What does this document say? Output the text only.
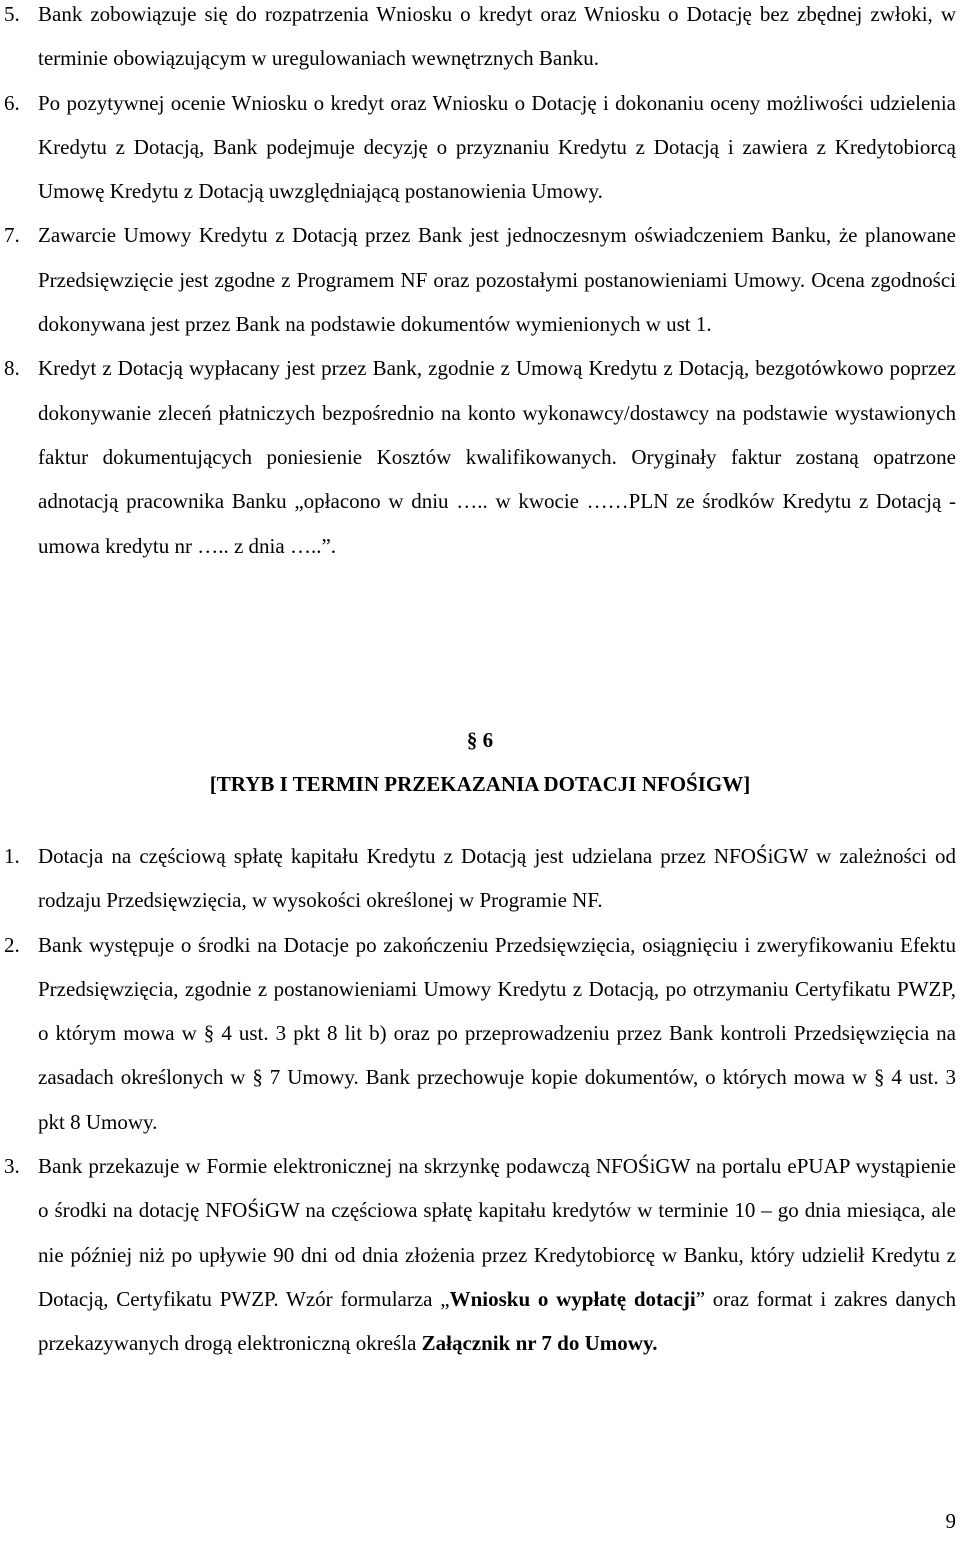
5. Bank zobowiązuje się do rozpatrzenia Wniosku o kredyt oraz Wniosku o Dotację bez zbędnej zwłoki, w terminie obowiązującym w uregulowaniach wewnętrznych Banku.
6. Po pozytywnej ocenie Wniosku o kredyt oraz Wniosku o Dotację i dokonaniu oceny możliwości udzielenia Kredytu z Dotacją, Bank podejmuje decyzję o przyznaniu Kredytu z Dotacją i zawiera z Kredytobiorcą Umowę Kredytu z Dotacją uwzględniającą postanowienia Umowy.
7. Zawarcie Umowy Kredytu z Dotacją przez Bank jest jednoczesnym oświadczeniem Banku, że planowane Przedsięwzięcie jest zgodne z Programem NF oraz pozostałymi postanowieniami Umowy. Ocena zgodności dokonywana jest przez Bank na podstawie dokumentów wymienionych w ust 1.
8. Kredyt z Dotacją wypłacany jest przez Bank, zgodnie z Umową Kredytu z Dotacją, bezgotówkowo poprzez dokonywanie zleceń płatniczych bezpośrednio na konto wykonawcy/dostawcy na podstawie wystawionych faktur dokumentujących poniesienie Kosztów kwalifikowanych. Oryginały faktur zostaną opatrzone adnotacją pracownika Banku „opłacono w dniu ….. w kwocie ……PLN ze środków Kredytu z Dotacją - umowa kredytu nr ….. z dnia …..”.
§ 6
[TRYB I TERMIN PRZEKAZANIA DOTACJI NFOŚIGW]
1. Dotacja na częściową spłatę kapitału Kredytu z Dotacją jest udzielana przez NFOŚiGW w zależności od rodzaju Przedsięwzięcia, w wysokości określonej w Programie NF.
2. Bank występuje o środki na Dotacje po zakończeniu Przedsięwzięcia, osiągnięciu i zweryfikowaniu Efektu Przedsięwzięcia, zgodnie z postanowieniami Umowy Kredytu z Dotacją, po otrzymaniu Certyfikatu PWZP, o którym mowa w § 4 ust. 3 pkt 8 lit b) oraz po przeprowadzeniu przez Bank kontroli Przedsięwzięcia na zasadach określonych w § 7 Umowy. Bank przechowuje kopie dokumentów, o których mowa w § 4 ust. 3 pkt 8 Umowy.
3. Bank przekazuje w Formie elektronicznej na skrzynkę podawczą NFOŚiGW na portalu ePUAP wystąpienie o środki na dotację NFOŚiGW na częściowa spłatę kapitału kredytów w terminie 10 – go dnia miesiąca, ale nie później niż po upływie 90 dni od dnia złożenia przez Kredytobiorcę w Banku, który udzielił Kredytu z Dotacją, Certyfikatu PWZP. Wzór formularza „Wniosku o wypłatę dotacji” oraz format i zakres danych przekazywanych drogą elektroniczną określa Załącznik nr 7 do Umowy.
9
